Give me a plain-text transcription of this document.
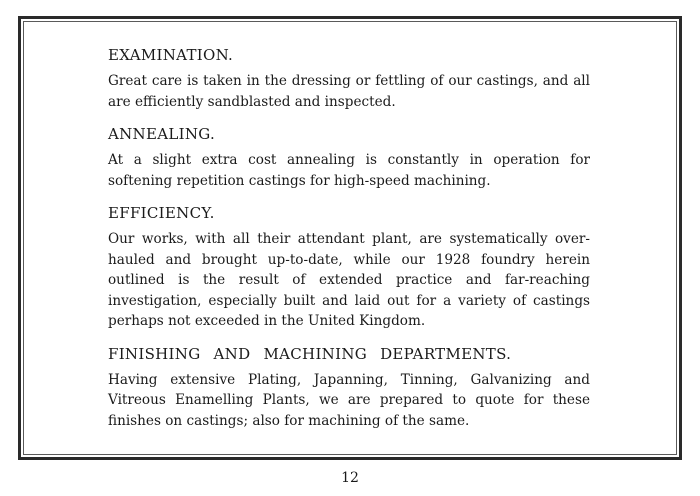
EXAMINATION.

Great care is taken in the dressing or fettling of our castings, and all are efficiently sandblasted and inspected.

ANNEALING.

At a slight extra cost annealing is constantly in operation for softening repetition castings for high-speed machining.

EFFICIENCY.

Our works, with all their attendant plant, are systematically over-hauled and brought up-to-date, while our 1928 foundry herein outlined is the result of extended practice and far-reaching investigation, especially built and laid out for a variety of castings perhaps not exceeded in the United Kingdom.

FINISHING AND MACHINING DEPARTMENTS.

Having extensive Plating, Japanning, Tinning, Galvanizing and Vitreous Enamelling Plants, we are prepared to quote for these finishes on castings; also for machining of the same.

12
